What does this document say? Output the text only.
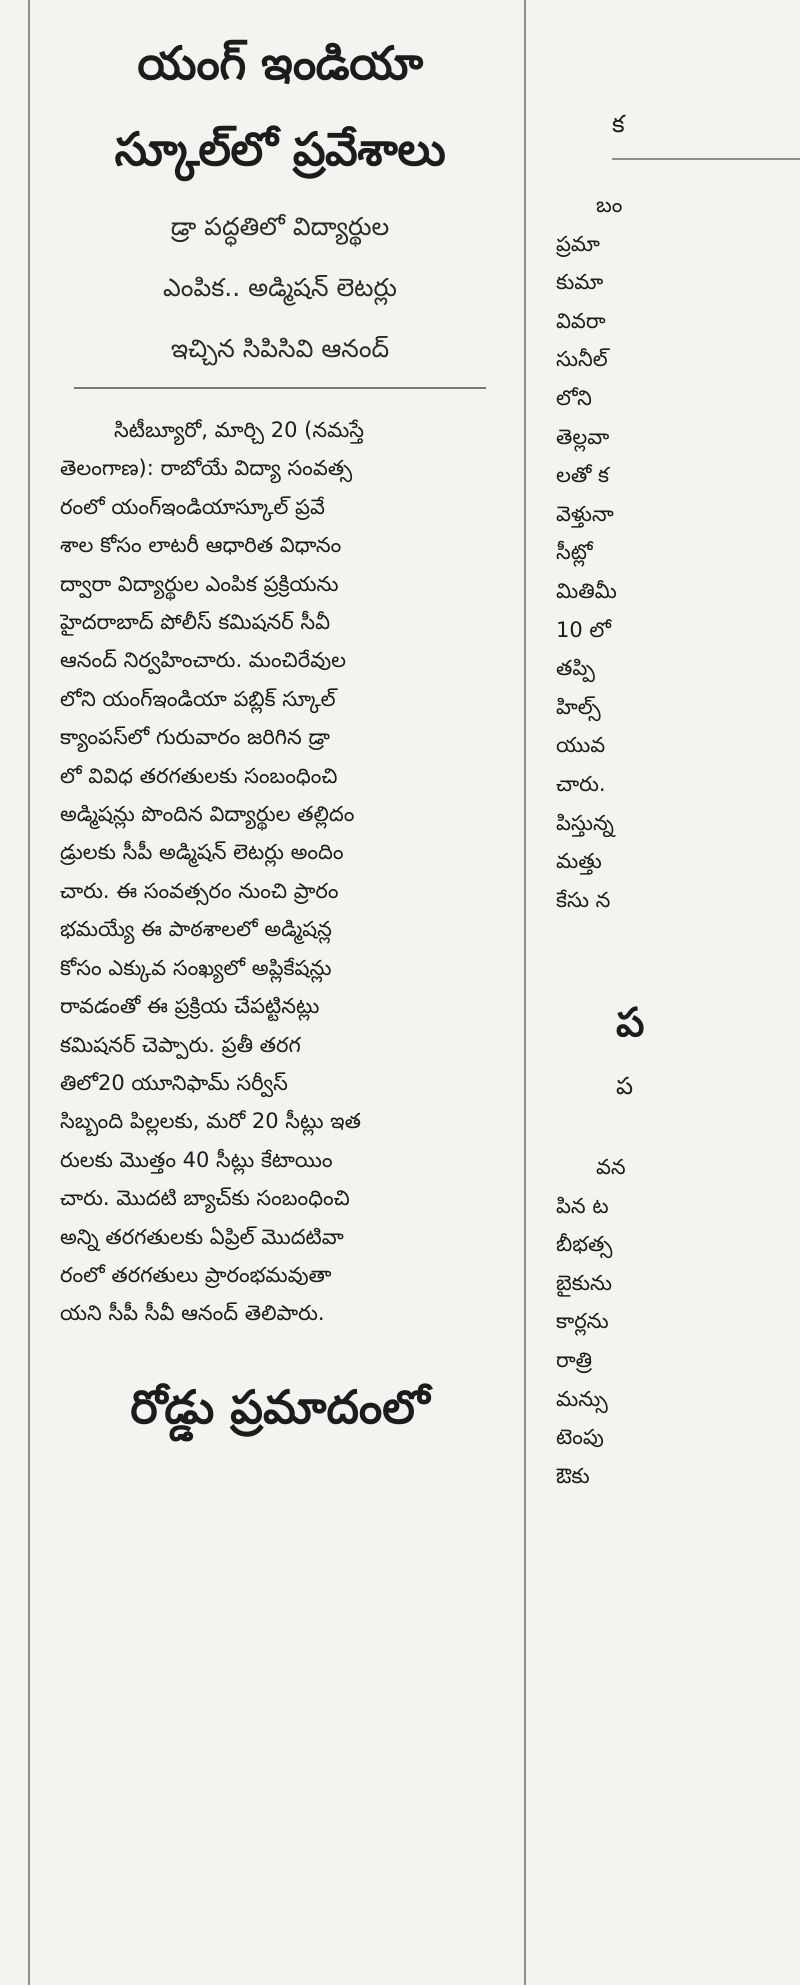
యంగ్ ఇండియా
స్కూల్‌లో ప్రవేశాలు
డ్రా పద్ధతిలో విద్యార్థుల
ఎంపిక.. అడ్మిషన్ లెటర్లు
ఇచ్చిన సిపిసివి ఆనంద్
సిటీబ్యూరో, మార్చి 20 (నమస్తే
తెలంగాణ): రాబోయే విద్యా సంవత్స
రంలో యంగ్‌ఇండియాస్కూల్ ప్రవే
శాల కోసం లాటరీ ఆధారిత విధానం
ద్వారా విద్యార్థుల ఎంపిక ప్రక్రియను
హైదరాబాద్ పోలీస్ కమిషనర్ సీవీ
ఆనంద్ నిర్వహించారు. మంచిరేవుల
లోని యంగ్‌ఇండియా పబ్లిక్ స్కూల్
క్యాంపస్‌లో గురువారం జరిగిన డ్రా
లో వివిధ తరగతులకు సంబంధించి
అడ్మిషన్లు పొందిన విద్యార్థుల తల్లిదం
డ్రులకు సీపీ అడ్మిషన్ లెటర్లు అందిం
చారు. ఈ సంవత్సరం నుంచి ప్రారం
భమయ్యే ఈ పాఠశాలలో అడ్మిషన్ల
కోసం ఎక్కువ సంఖ్యలో అప్లికేషన్లు
రావడంతో ఈ ప్రక్రియ చేపట్టినట్లు
కమిషనర్ చెప్పారు. ప్రతీ తరగ
తిలో20 యూనిఫామ్ సర్వీస్
సిబ్బంది పిల్లలకు, మరో 20 సీట్లు ఇత
రులకు మొత్తం 40 సీట్లు కేటాయిం
చారు. మొదటి బ్యాచ్‌కు సంబంధించి
అన్ని తరగతులకు ఏప్రిల్ మొదటివా
రంలో తరగతులు ప్రారంభమవుతా
యని సీపీ సీవీ ఆనంద్ తెలిపారు.
రోడ్డు ప్రమాదంలో
క
బం
ప్రమా
కుమా
వివరా
సునీల్
లోని
తెల్లవా
లతో క
వెళ్తునా
సీట్లో
మితిమీ
10 లో
తప్పి
హిల్స్
యువ
చారు.
పిస్తున్న
మత్తు
కేసు న
ప
ప
వన
పిన ట
బీభత్స
బైకును
కార్లను
రాత్రి
మన్సు
టెంపు
ఔకు
